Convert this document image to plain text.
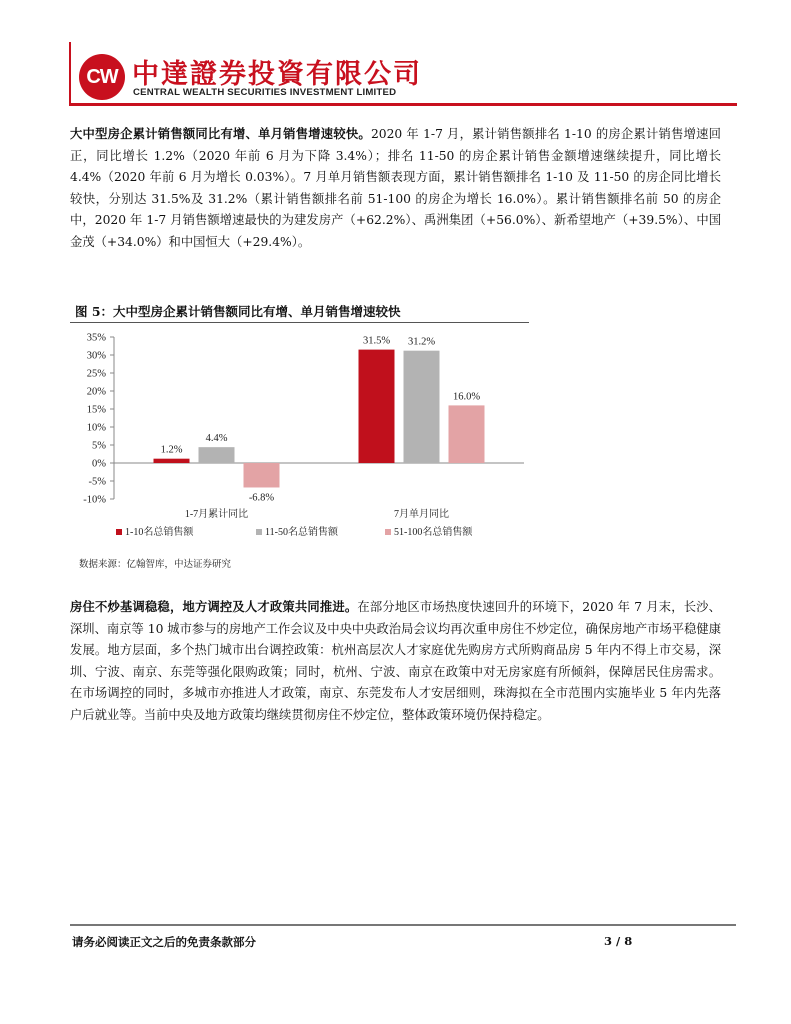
CW 中達證券投資有限公司
CENTRAL WEALTH SECURITIES INVESTMENT LIMITED
大中型房企累计销售额同比有增、单月销售增速较快。2020 年 1-7 月，累计销售额排名 1-10 的房企累计销售增速回正，同比增长 1.2%（2020 年前 6 月为下降 3.4%）；排名 11-50 的房企累计销售金额增速继续提升，同比增长 4.4%（2020 年前 6 月为增长 0.03%）。7 月单月销售额表现方面，累计销售额排名 1-10 及 11-50 的房企同比增长较快，分别达 31.5%及 31.2%（累计销售额排名前 51-100 的房企为增长 16.0%）。累计销售额排名前 50 的房企中，2020 年 1-7 月销售额增速最快的为建发房产（+62.2%）、禹洲集团（+56.0%）、新希望地产（+39.5%）、中国金茂（+34.0%）和中国恒大（+29.4%）。
图 5：大中型房企累计销售额同比有增、单月销售增速较快
35%
30%
25%
20%
15%
10%
5%
0%
-5%
-10%
1.2%
4.4%
-6.8%
1-7月累计同比
31.5% 31.2%
16.0%
7月单月同比
1-10名总销售额	11-50名总销售额	51-100名总销售额
数据来源：亿翰智库，中达证券研究
房住不炒基调稳稳，地方调控及人才政策共同推进。在部分地区市场热度快速回升的环境下，2020 年 7 月末，长沙、深圳、南京等 10 城市参与的房地产工作会议及中央中央政治局会议均再次重申房住不炒定位，确保房地产市场平稳健康发展。地方层面，多个热门城市出台调控政策：杭州高层次人才家庭优先购房方式所购商品房 5 年内不得上市交易，深圳、宁波、南京、东莞等强化限购政策；同时，杭州、宁波、南京在政策中对无房家庭有所倾斜，保障居民住房需求。在市场调控的同时，多城市亦推进人才政策，南京、东莞发布人才安居细则，珠海拟在全市范围内实施毕业 5 年内先落户后就业等。当前中央及地方政策均继续贯彻房住不炒定位，整体政策环境仍保持稳定。
请务必阅读正文之后的免责条款部分	3 / 8
